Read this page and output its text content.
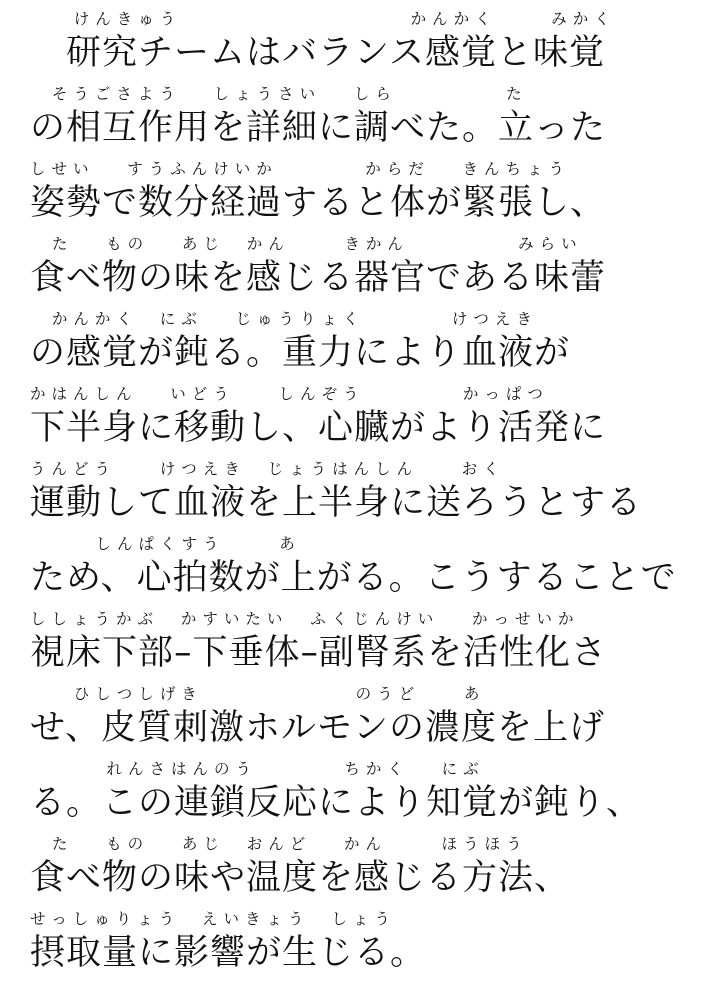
けんきゅう                     かんかく     みかく
　研究チームはバランス感覚と味覚
そうごさよう   しょうさい   しら          た
の相互作用を詳細に調べた。立った
しせい   すうふんけいか        からだ   きんちょう
姿勢で数分経過すると体が緊張し、
た   もの   あじ  かん     きかん          みらい
食べ物の味を感じる器官である味蕾
かんかく  にぶ   じゅうりょく        けつえき
の感覚が鈍る。重力により血液が
かはんしん   いどう    しんぞう         かっぱつ
下半身に移動し、心臓がより活発に
うんどう    けつえき  じょうはんしん    おく
運動して血液を上半身に送ろうとする
しんぱくすう     あ
ため、心拍数が上がる。こうすることで
ししょうかぶ  かすいたい  ふくじんけい   かっせいか
視床下部–下垂体–副腎系を活性化さ
ひしつしげき              のうど    あ
せ、皮質刺激ホルモンの濃度を上げ
れんさはんのう        ちかく   にぶ
る。この連鎖反応により知覚が鈍り、
た   もの   あじ  おんど   かん     ほうほう
食べ物の味や温度を感じる方法、
せっしゅりょう  えいきょう  しょう
摂取量に影響が生じる。
